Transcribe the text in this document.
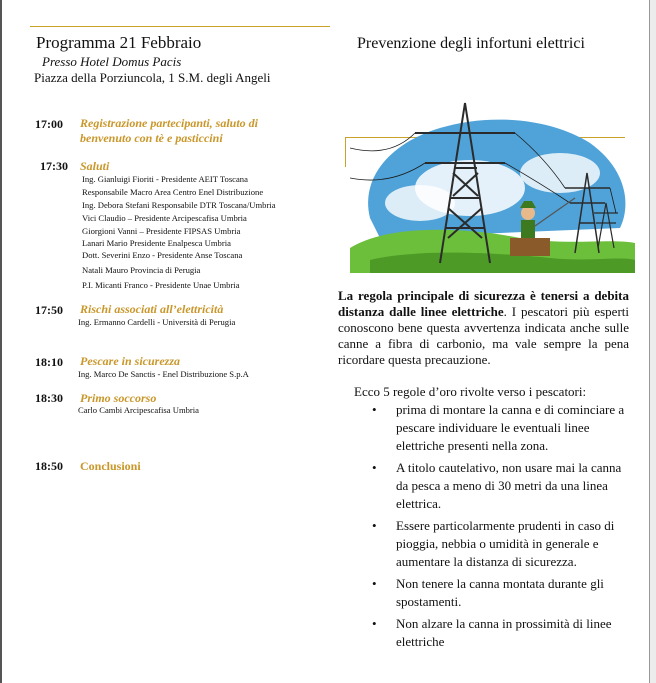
Programma 21 Febbraio
Presso Hotel Domus Pacis
Piazza della Porziuncola, 1 S.M. degli Angeli
17:00 Registrazione partecipanti, saluto di
benvenuto con tè e pasticcini
17:30 Saluti
Ing. Gianluigi Fioriti - Presidente AEIT Toscana
Responsabile Macro Area Centro Enel Distribuzione
Ing. Debora Stefani Responsabile DTR Toscana/Umbria
Vici Claudio – Presidente Arcipescafisa Umbria
Giorgioni Vanni – Presidente FIPSAS Umbria
Lanari Mario Presidente Enalpesca Umbria
Dott. Severini Enzo - Presidente Anse Toscana
Natali Mauro Provincia di Perugia
P.I. Micanti Franco - Presidente Unae Umbria
17:50 Rischi associati all’elettricità
Ing. Ermanno Cardelli - Università di Perugia
18:10 Pescare in sicurezza
Ing. Marco De Sanctis - Enel Distribuzione S.p.A
18:30 Primo soccorso
Carlo Cambi Arcipescafisa Umbria
18:50 Conclusioni
Prevenzione degli infortuni elettrici
La regola principale di sicurezza è tenersi a debita distanza dalle linee elettriche. I pescatori più esperti conoscono bene questa avvertenza indicata anche sulle canne a fibra di carbonio, ma vale sempre la pena ricordare questa precauzione.
Ecco 5 regole d’oro rivolte verso i pescatori:
• prima di montare la canna e di cominciare a pescare individuare le eventuali linee elettriche presenti nella zona.
• A titolo cautelativo, non usare mai la canna da pesca a meno di 30 metri da una linea elettrica.
• Essere particolarmente prudenti in caso di pioggia, nebbia o umidità in generale e aumentare la distanza di sicurezza.
• Non tenere la canna montata durante gli spostamenti.
• Non alzare la canna in prossimità di linee elettriche
